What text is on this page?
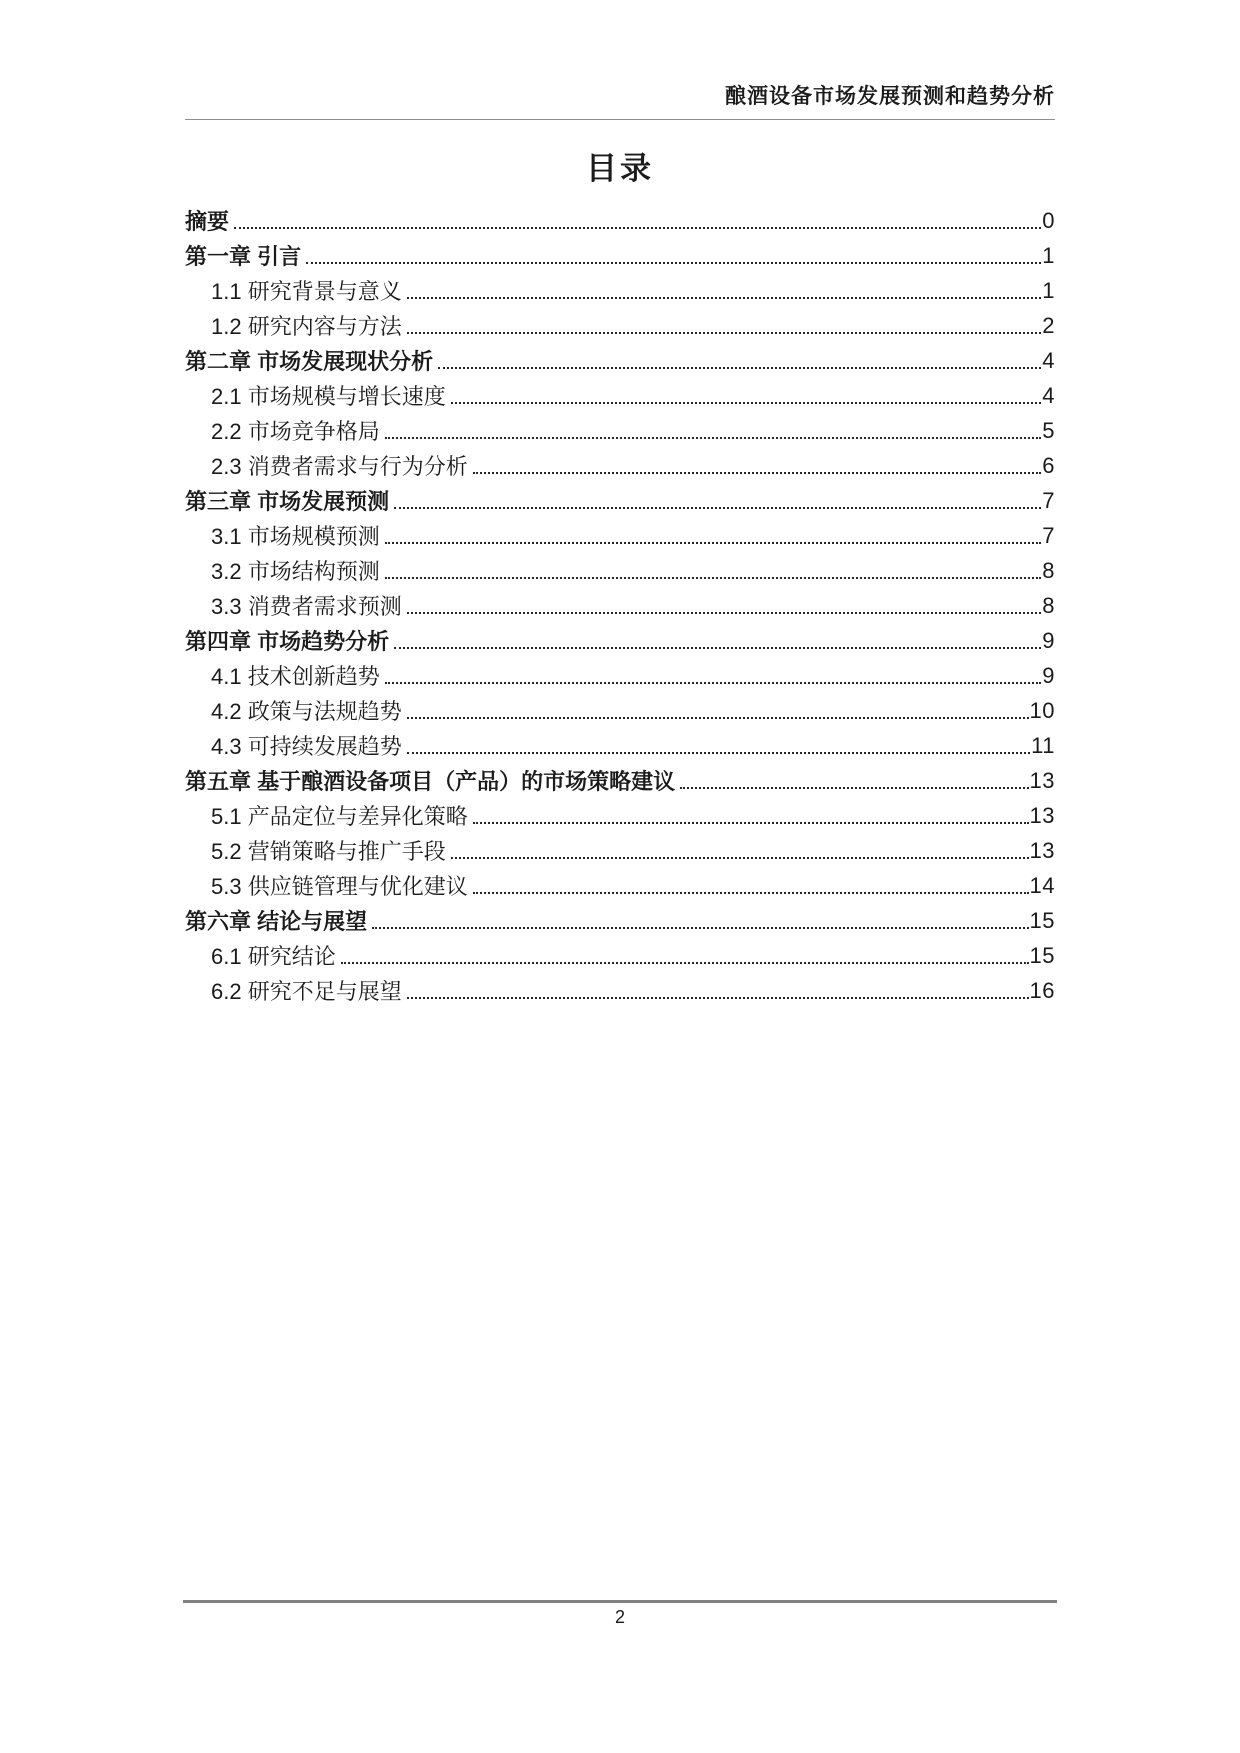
酿酒设备市场发展预测和趋势分析
目录
摘要	0
第一章 引言	1
1.1 研究背景与意义	1
1.2 研究内容与方法	2
第二章 市场发展现状分析	4
2.1 市场规模与增长速度	4
2.2 市场竞争格局	5
2.3 消费者需求与行为分析	6
第三章 市场发展预测	7
3.1 市场规模预测	7
3.2 市场结构预测	8
3.3 消费者需求预测	8
第四章 市场趋势分析	9
4.1 技术创新趋势	9
4.2 政策与法规趋势	10
4.3 可持续发展趋势	11
第五章 基于酿酒设备项目（产品）的市场策略建议	13
5.1 产品定位与差异化策略	13
5.2 营销策略与推广手段	13
5.3 供应链管理与优化建议	14
第六章 结论与展望	15
6.1 研究结论	15
6.2 研究不足与展望	16
2
